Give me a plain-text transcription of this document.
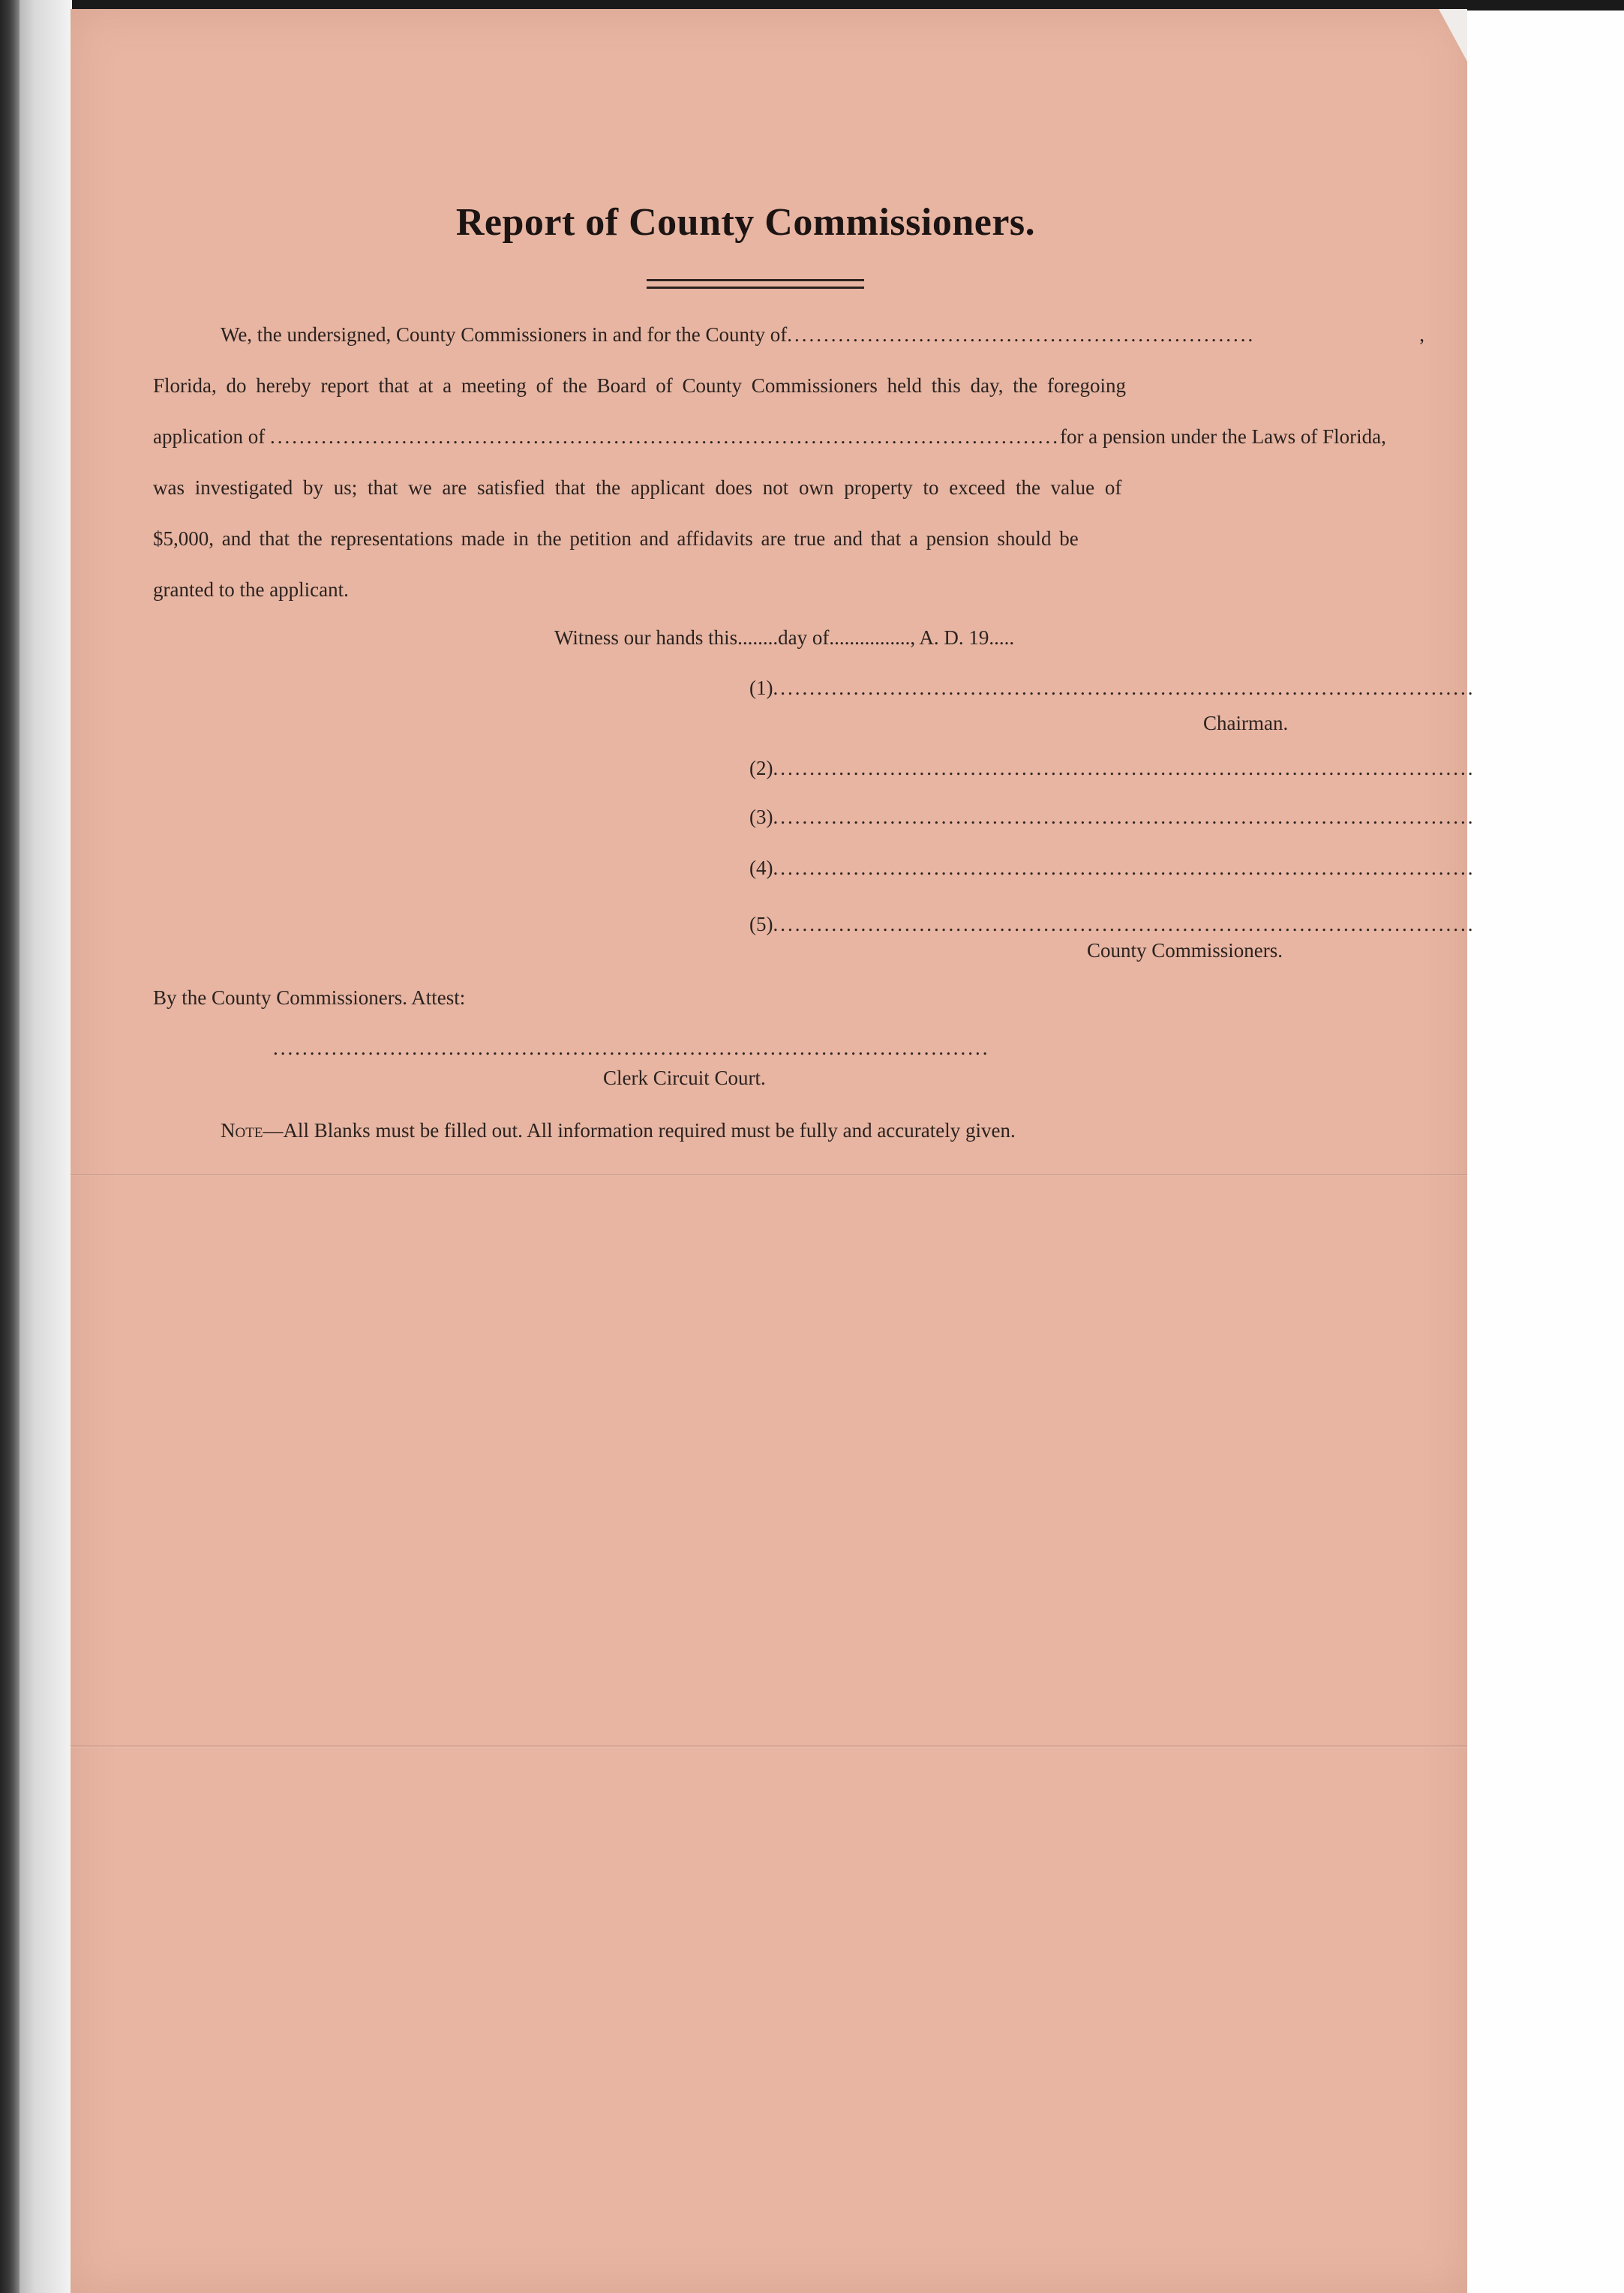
Report of County Commissioners.
We, the undersigned, County Commissioners in and for the County of ................................................................	,
Florida, do hereby report that at a meeting of the Board of County Commissioners held this day, the foregoing
application of ............................................................................................................ for a pension under the Laws of Florida,
was investigated by us; that we are satisfied that the applicant does not own property to exceed the value of
$5,000, and that the representations made in the petition and affidavits are true and that a pension should be
granted to the applicant.
Witness our hands this........day of................, A. D. 19.....
(1) ................................................................................................
Chairman.
(2) ................................................................................................
(3) ................................................................................................
(4) ................................................................................................
(5) ................................................................................................
County Commissioners.
By the County Commissioners. Attest:
..................................................................................................
Clerk Circuit Court.
Note—All Blanks must be filled out. All information required must be fully and accurately given.
